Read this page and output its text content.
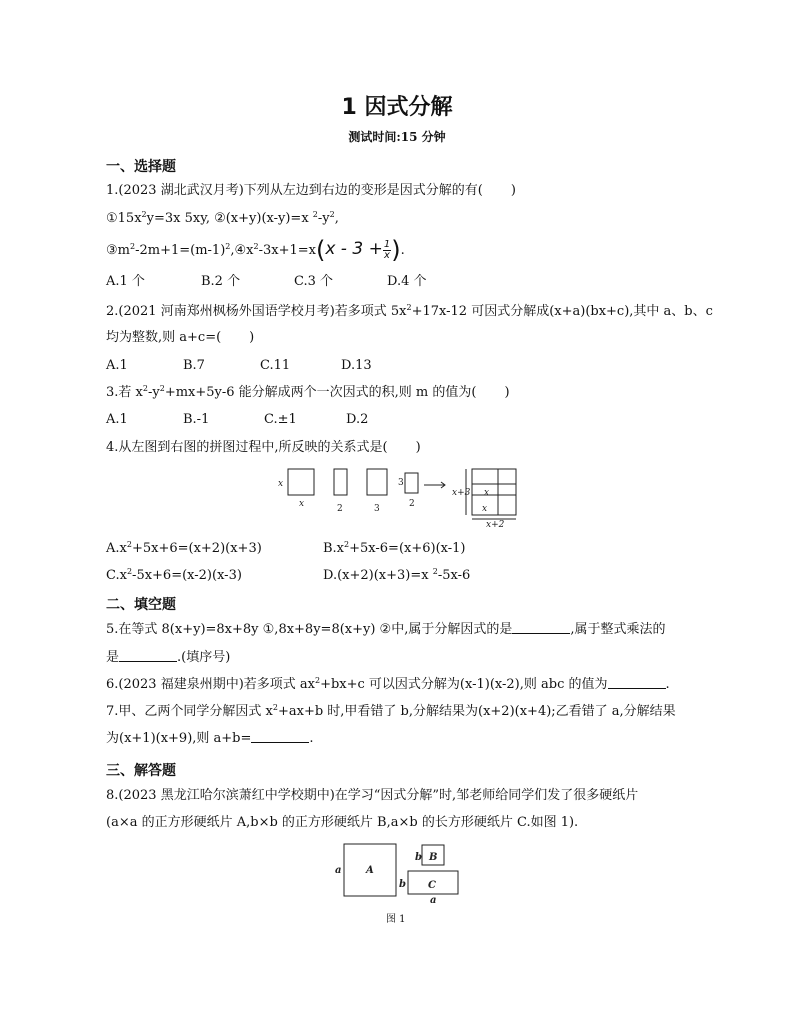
1 因式分解
测试时间:15 分钟
一、选择题
1.(2023 湖北武汉月考)下列从左边到右边的变形是因式分解的有( )
$①15x^2y=3x$ 5xy, ②(x+y)(x-y)=x $^2-y^2$,
$③m^2-2m+1=(m-1)^2,④x^2-3x+1=x(x - 3 + \frac{1}{x}$ ).
A.1 个	B.2 个	C.3 个	D.4 个
2.(2021 河南郑州枫杨外国语学校月考)若多项式 $5x^2+17x-12$ 可因式分解成(x+a)(bx+c),其中 a、b、c
均为整数,则 a+c=( )
A.1	B.7	C.11	D.13
3.若 $x^2-y^2+mx+5y-6$ 能分解成两个一次因式的积,则 m 的值为( )
A.1	B.-1	C.±1	D.2
4.从左图到右图的拼图过程中,所反映的关系式是( )
x
x	2	3
3
2
x+3 x
x
x+2
$A.x^2+5x+6=(x+2)(x+3)$	$B.x^2+5x-6=(x+6)(x-1)$
$C.x^2-5x+6=(x-2)(x-3)$	D.(x+2)(x+3)=x $^2$-5x-6
二、填空题
5.在等式 8(x+y)=8x+8y ①,8x+8y=8(x+y) ②中,属于分解因式的是	,属于整式乘法的
是	.(填序号)
6.(2023 福建泉州期中)若多项式 $ax^2+bx+c$ 可以因式分解为(x-1)(x-2),则 abc 的值为	.
7.甲、乙两个同学分解因式 $x^2+ax+b$ 时,甲看错了 b,分解结果为(x+2)(x+4);乙看错了 a,分解结果
为(x+1)(x+9),则 a+b=	.
三、解答题
8.(2023 黑龙江哈尔滨萧红中学校期中)在学习“因式分解”时,邹老师给同学们发了很多硬纸片
(a×a 的正方形硬纸片 A,b×b 的正方形硬纸片 B,a×b 的长方形硬纸片 C.如图 1).
A
B
C
a
b
b
a
图 1
